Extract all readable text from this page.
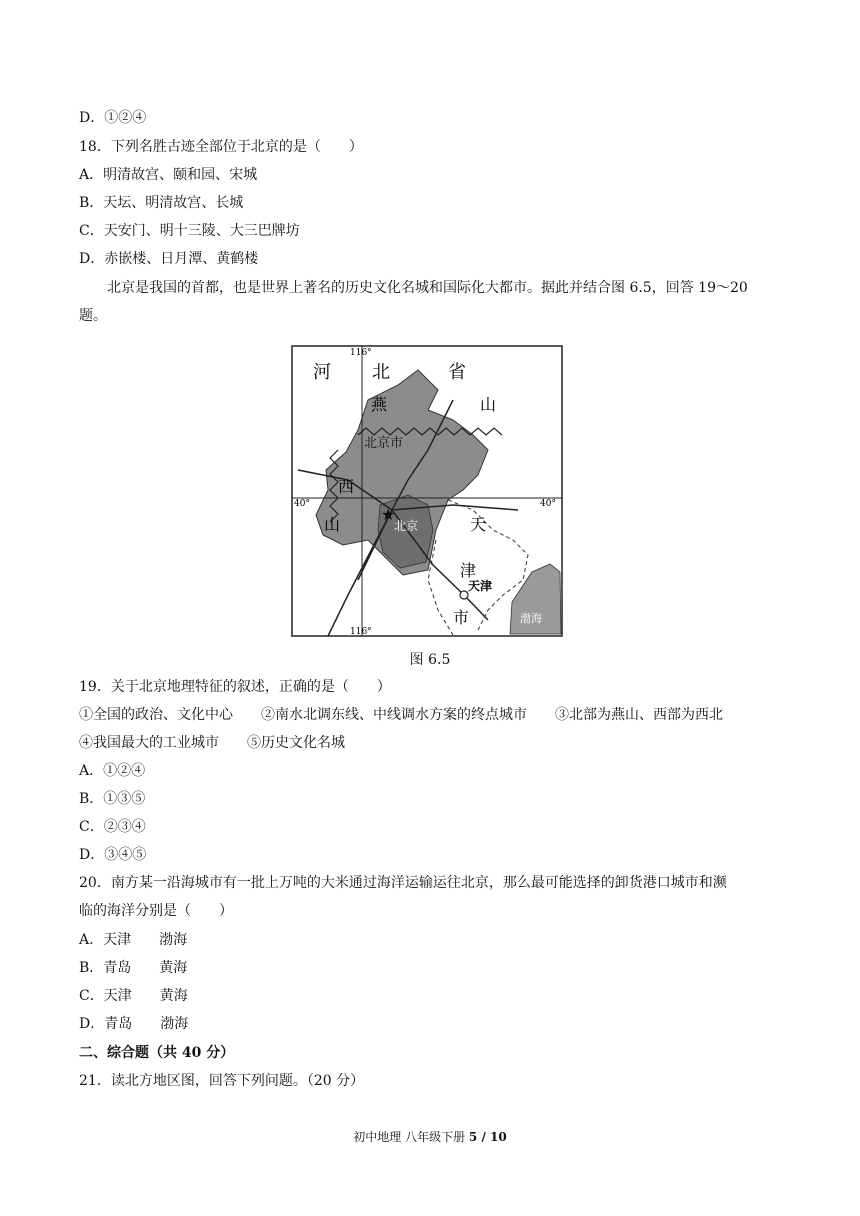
D．①②④
18．下列名胜古迹全部位于北京的是（　　）
A．明清故宫、颐和园、宋城
B．天坛、明清故宫、长城
C．天安门、明十三陵、大三巴牌坊
D．赤嵌楼、日月潭、黄鹤楼
北京是我国的首都，也是世界上著名的历史文化名城和国际化大都市。据此并结合图 6.5，回答 19～20
题。
★
河 北	省
燕	山
北京市
西
山	北京	天
津
市
天津
渤海
116°
116°
40°	40°
图 6.5
19．关于北京地理特征的叙述，正确的是（　　）
①全国的政治、文化中心 ②南水北调东线、中线调水方案的终点城市 ③北部为燕山、西部为西北
④我国最大的工业城市 ⑤历史文化名城
A．①②④
B．①③⑤
C．②③④
D．③④⑤
20．南方某一沿海城市有一批上万吨的大米通过海洋运输运往北京，那么最可能选择的卸货港口城市和濒
临的海洋分别是（　　）
A．天津 渤海
B．青岛 黄海
C．天津 黄海
D．青岛 渤海
二、综合题（共 40 分）
21．读北方地区图，回答下列问题。（20 分）
初中地理 八年级下册 5 / 10
